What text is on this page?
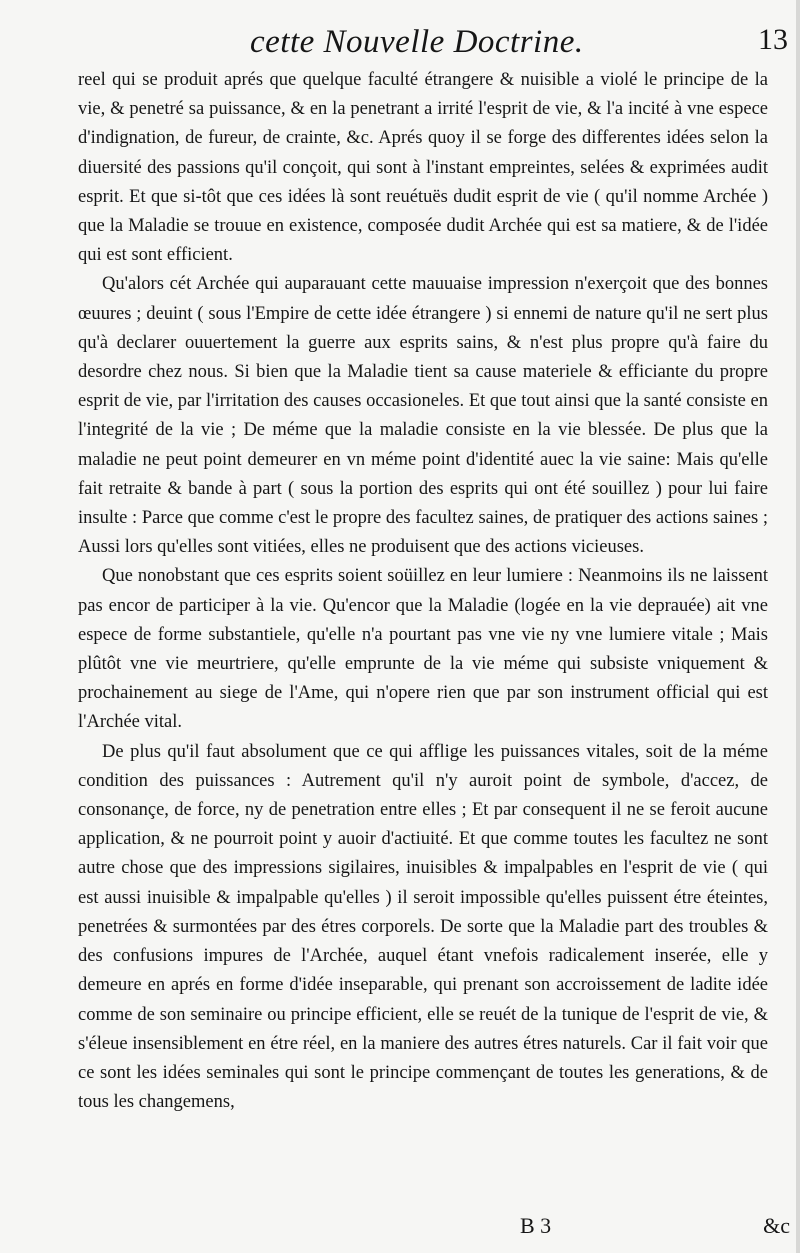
cette Nouvelle Doctrine.	13

reel qui se produit aprés que quelque faculté étrangere & nuisible a violé le principe de la vie, & penetré sa puissance, & en la penetrant a irrité l'esprit de vie, & l'a incité à vne espece d'indignation, de fureur, de crainte, &c. Aprés quoy il se forge des differentes idées selon la diuersité des passions qu'il conçoit, qui sont à l'instant empreintes, selées & exprimées audit esprit. Et que si-tôt que ces idées là sont reuétuës dudit esprit de vie ( qu'il nomme Archée ) que la Maladie se trouue en existence, composée dudit Archée qui est sa matiere, & de l'idée qui est sont efficient.

Qu'alors cét Archée qui auparauant cette mauuaise impression n'exerçoit que des bonnes œuures ; deuint ( sous l'Empire de cette idée étrangere ) si ennemi de nature qu'il ne sert plus qu'à declarer ouuertement la guerre aux esprits sains, & n'est plus propre qu'à faire du desordre chez nous. Si bien que la Maladie tient sa cause materiele & efficiante du propre esprit de vie, par l'irritation des causes occasioneles. Et que tout ainsi que la santé consiste en l'integrité de la vie ; De méme que la maladie consiste en la vie blessée. De plus que la maladie ne peut point demeurer en vn méme point d'identité auec la vie saine: Mais qu'elle fait retraite & bande à part ( sous la portion des esprits qui ont été souillez ) pour lui faire insulte : Parce que comme c'est le propre des facultez saines, de pratiquer des actions saines ; Aussi lors qu'elles sont vitiées, elles ne produisent que des actions vicieuses.

Que nonobstant que ces esprits soient soüillez en leur lumiere : Neanmoins ils ne laissent pas encor de participer à la vie. Qu'encor que la Maladie (logée en la vie deprauée) ait vne espece de forme substantiele, qu'elle n'a pourtant pas vne vie ny vne lumiere vitale ; Mais plûtôt vne vie meurtriere, qu'elle emprunte de la vie méme qui subsiste vniquement & prochainement au siege de l'Ame, qui n'opere rien que par son instrument official qui est l'Archée vital.

De plus qu'il faut absolument que ce qui afflige les puissances vitales, soit de la méme condition des puissances : Autrement qu'il n'y auroit point de symbole, d'accez, de consonançe, de force, ny de penetration entre elles ; Et par consequent il ne se feroit aucune application, & ne pourroit point y auoir d'actiuité. Et que comme toutes les facultez ne sont autre chose que des impressions sigilaires, inuisibles & impalpables en l'esprit de vie ( qui est aussi inuisible & impalpable qu'elles ) il seroit impossible qu'elles puissent étre éteintes, penetrées & surmontées par des étres corporels. De sorte que la Maladie part des troubles & des confusions impures de l'Archée, auquel étant vnefois radicalement inserée, elle y demeure en aprés en forme d'idée inseparable, qui prenant son accroissement de ladite idée comme de son seminaire ou principe efficient, elle se reuét de la tunique de l'esprit de vie, & s'éleue insensiblement en étre réel, en la maniere des autres étres naturels. Car il fait voir que ce sont les idées seminales qui sont le principe commençant de toutes les generations, & de tous les changemens,

B 3	&c
